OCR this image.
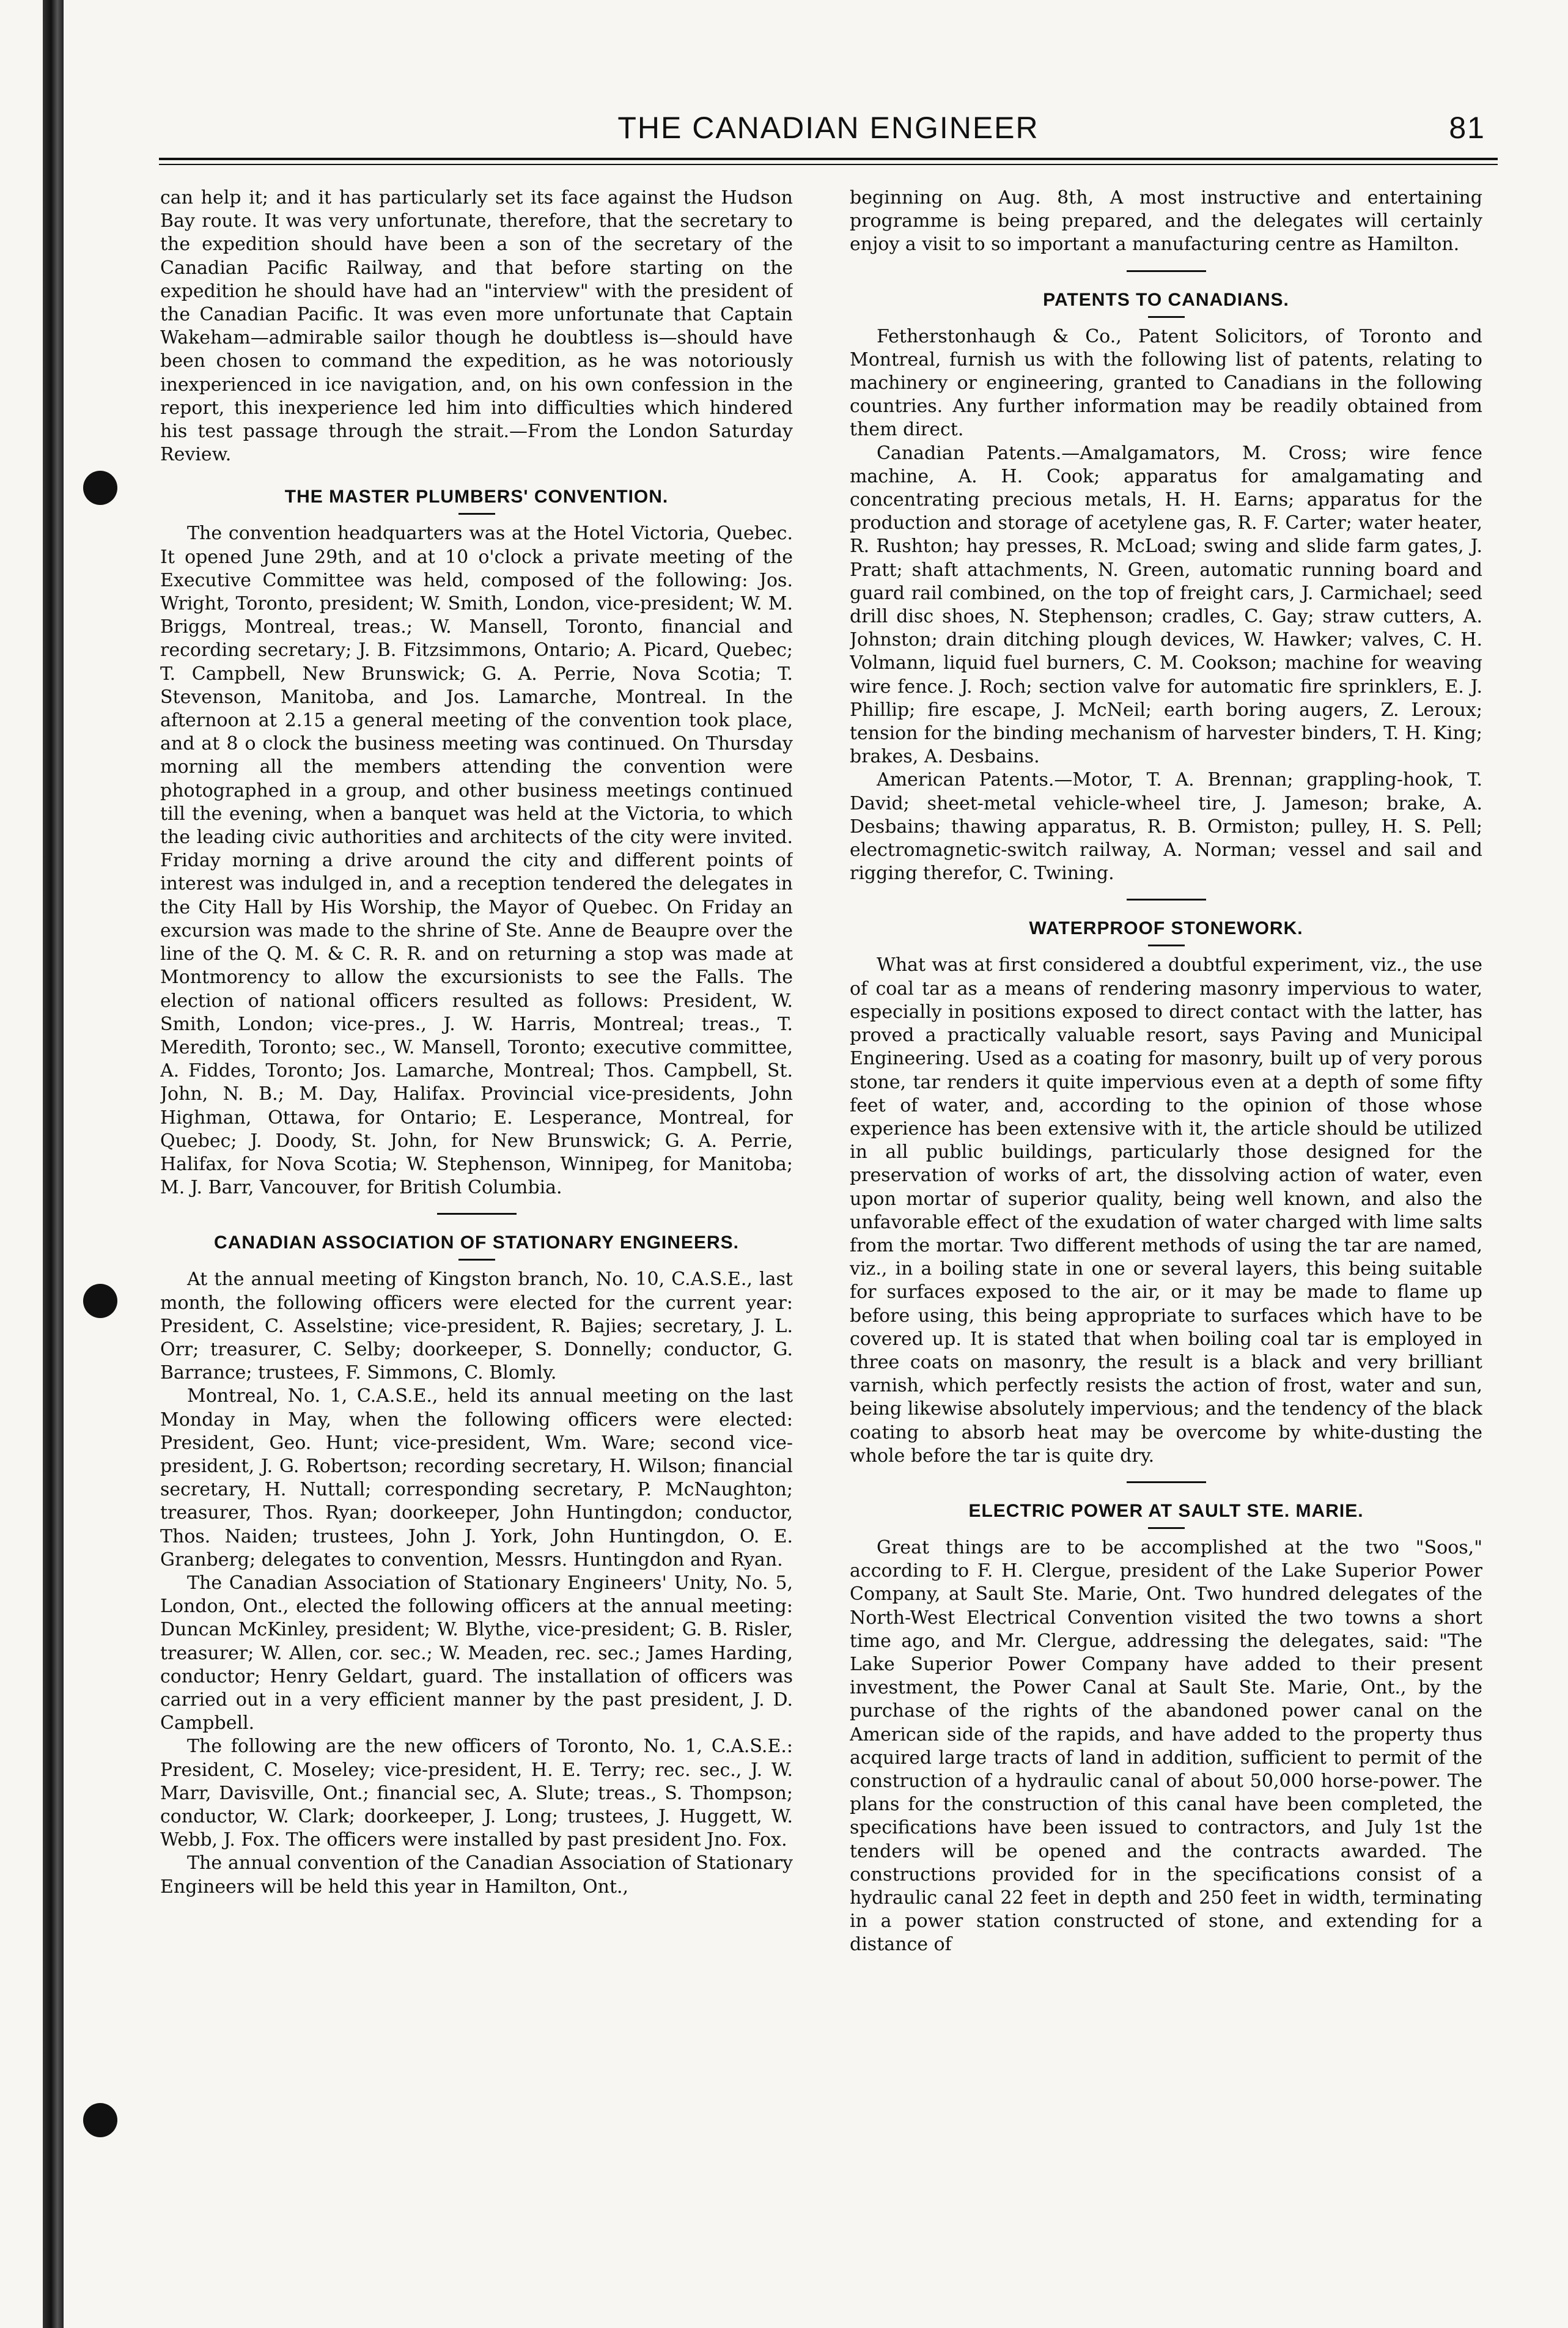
THE CANADIAN ENGINEER	81

can help it; and it has particularly set its face against the Hudson Bay route. It was very unfortunate, therefore, that the secretary to the expedition should have been a son of the secretary of the Canadian Pacific Railway, and that before starting on the expedition he should have had an "interview" with the president of the Canadian Pacific. It was even more unfortunate that Captain Wakeham—admirable sailor though he doubtless is—should have been chosen to command the expedition, as he was notoriously inexperienced in ice navigation, and, on his own confession in the report, this inexperience led him into difficulties which hindered his test passage through the strait.—From the London Saturday Review.

THE MASTER PLUMBERS' CONVENTION.

The convention headquarters was at the Hotel Victoria, Quebec. It opened June 29th, and at 10 o'clock a private meeting of the Executive Committee was held, composed of the following: Jos. Wright, Toronto, president; W. Smith, London, vice-president; W. M. Briggs, Montreal, treas.; W. Mansell, Toronto, financial and recording secretary; J. B. Fitzsimmons, Ontario; A. Picard, Quebec; T. Campbell, New Brunswick; G. A. Perrie, Nova Scotia; T. Stevenson, Manitoba, and Jos. Lamarche, Montreal. In the afternoon at 2.15 a general meeting of the convention took place, and at 8 o clock the business meeting was continued. On Thursday morning all the members attending the convention were photographed in a group, and other business meetings continued till the evening, when a banquet was held at the Victoria, to which the leading civic authorities and architects of the city were invited. Friday morning a drive around the city and different points of interest was indulged in, and a reception tendered the delegates in the City Hall by His Worship, the Mayor of Quebec. On Friday an excursion was made to the shrine of Ste. Anne de Beaupre over the line of the Q. M. & C. R. R. and on returning a stop was made at Montmorency to allow the excursionists to see the Falls. The election of national officers resulted as follows: President, W. Smith, London; vice-pres., J. W. Harris, Montreal; treas., T. Meredith, Toronto; sec., W. Mansell, Toronto; executive committee, A. Fiddes, Toronto; Jos. Lamarche, Montreal; Thos. Campbell, St. John, N. B.; M. Day, Halifax. Provincial vice-presidents, John Highman, Ottawa, for Ontario; E. Lesperance, Montreal, for Quebec; J. Doody, St. John, for New Brunswick; G. A. Perrie, Halifax, for Nova Scotia; W. Stephenson, Winnipeg, for Manitoba; M. J. Barr, Vancouver, for British Columbia.

CANADIAN ASSOCIATION OF STATIONARY ENGINEERS.

At the annual meeting of Kingston branch, No. 10, C.A.S.E., last month, the following officers were elected for the current year: President, C. Asselstine; vice-president, R. Bajies; secretary, J. L. Orr; treasurer, C. Selby; doorkeeper, S. Donnelly; conductor, G. Barrance; trustees, F. Simmons, C. Blomly.

Montreal, No. 1, C.A.S.E., held its annual meeting on the last Monday in May, when the following officers were elected: President, Geo. Hunt; vice-president, Wm. Ware; second vice-president, J. G. Robertson; recording secretary, H. Wilson; financial secretary, H. Nuttall; corresponding secretary, P. McNaughton; treasurer, Thos. Ryan; doorkeeper, John Huntingdon; conductor, Thos. Naiden; trustees, John J. York, John Huntingdon, O. E. Granberg; delegates to convention, Messrs. Huntingdon and Ryan.

The Canadian Association of Stationary Engineers' Unity, No. 5, London, Ont., elected the following officers at the annual meeting: Duncan McKinley, president; W. Blythe, vice-president; G. B. Risler, treasurer; W. Allen, cor. sec.; W. Meaden, rec. sec.; James Harding, conductor; Henry Geldart, guard. The installation of officers was carried out in a very efficient manner by the past president, J. D. Campbell.

The following are the new officers of Toronto, No. 1, C.A.S.E.: President, C. Moseley; vice-president, H. E. Terry; rec. sec., J. W. Marr, Davisville, Ont.; financial sec, A. Slute; treas., S. Thompson; conductor, W. Clark; doorkeeper, J. Long; trustees, J. Huggett, W. Webb, J. Fox. The officers were installed by past president Jno. Fox.

The annual convention of the Canadian Association of Stationary Engineers will be held this year in Hamilton, Ont.,

beginning on Aug. 8th, A most instructive and entertaining programme is being prepared, and the delegates will certainly enjoy a visit to so important a manufacturing centre as Hamilton.

PATENTS TO CANADIANS.

Fetherstonhaugh & Co., Patent Solicitors, of Toronto and Montreal, furnish us with the following list of patents, relating to machinery or engineering, granted to Canadians in the following countries. Any further information may be readily obtained from them direct.

Canadian Patents.—Amalgamators, M. Cross; wire fence machine, A. H. Cook; apparatus for amalgamating and concentrating precious metals, H. H. Earns; apparatus for the production and storage of acetylene gas, R. F. Carter; water heater, R. Rushton; hay presses, R. McLoad; swing and slide farm gates, J. Pratt; shaft attachments, N. Green, automatic running board and guard rail combined, on the top of freight cars, J. Carmichael; seed drill disc shoes, N. Stephenson; cradles, C. Gay; straw cutters, A. Johnston; drain ditching plough devices, W. Hawker; valves, C. H. Volmann, liquid fuel burners, C. M. Cookson; machine for weaving wire fence. J. Roch; section valve for automatic fire sprinklers, E. J. Phillip; fire escape, J. McNeil; earth boring augers, Z. Leroux; tension for the binding mechanism of harvester binders, T. H. King; brakes, A. Desbains.

American Patents.—Motor, T. A. Brennan; grappling-hook, T. David; sheet-metal vehicle-wheel tire, J. Jameson; brake, A. Desbains; thawing apparatus, R. B. Ormiston; pulley, H. S. Pell; electromagnetic-switch railway, A. Norman; vessel and sail and rigging therefor, C. Twining.

WATERPROOF STONEWORK.

What was at first considered a doubtful experiment, viz., the use of coal tar as a means of rendering masonry impervious to water, especially in positions exposed to direct contact with the latter, has proved a practically valuable resort, says Paving and Municipal Engineering. Used as a coating for masonry, built up of very porous stone, tar renders it quite impervious even at a depth of some fifty feet of water, and, according to the opinion of those whose experience has been extensive with it, the article should be utilized in all public buildings, particularly those designed for the preservation of works of art, the dissolving action of water, even upon mortar of superior quality, being well known, and also the unfavorable effect of the exudation of water charged with lime salts from the mortar. Two different methods of using the tar are named, viz., in a boiling state in one or several layers, this being suitable for surfaces exposed to the air, or it may be made to flame up before using, this being appropriate to surfaces which have to be covered up. It is stated that when boiling coal tar is employed in three coats on masonry, the result is a black and very brilliant varnish, which perfectly resists the action of frost, water and sun, being likewise absolutely impervious; and the tendency of the black coating to absorb heat may be overcome by white-dusting the whole before the tar is quite dry.

ELECTRIC POWER AT SAULT STE. MARIE.

Great things are to be accomplished at the two "Soos," according to F. H. Clergue, president of the Lake Superior Power Company, at Sault Ste. Marie, Ont. Two hundred delegates of the North-West Electrical Convention visited the two towns a short time ago, and Mr. Clergue, addressing the delegates, said: "The Lake Superior Power Company have added to their present investment, the Power Canal at Sault Ste. Marie, Ont., by the purchase of the rights of the abandoned power canal on the American side of the rapids, and have added to the property thus acquired large tracts of land in addition, sufficient to permit of the construction of a hydraulic canal of about 50,000 horse-power. The plans for the construction of this canal have been completed, the specifications have been issued to contractors, and July 1st the tenders will be opened and the contracts awarded. The constructions provided for in the specifications consist of a hydraulic canal 22 feet in depth and 250 feet in width, terminating in a power station constructed of stone, and extending for a distance of
